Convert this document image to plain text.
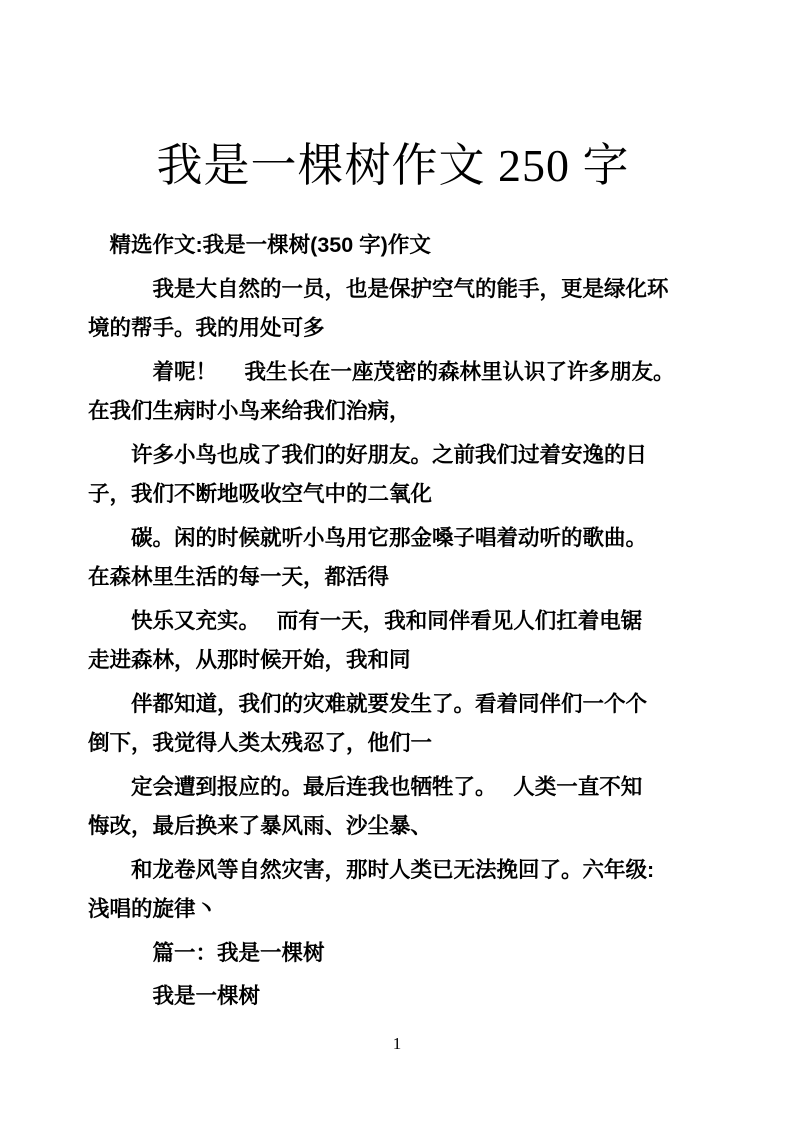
我是一棵树作文 250 字
　精选作文:我是一棵树(350 字)作文
　　　我是大自然的一员，也是保护空气的能手，更是绿化环
境的帮手。我的用处可多
　　　着呢！　 我生长在一座茂密的森林里认识了许多朋友。
在我们生病时小鸟来给我们治病，
　　许多小鸟也成了我们的好朋友。之前我们过着安逸的日
子，我们不断地吸收空气中的二氧化
　　碳。闲的时候就听小鸟用它那金嗓子唱着动听的歌曲。
在森林里生活的每一天，都活得
　　快乐又充实。　 而有一天，我和同伴看见人们扛着电锯
走进森林，从那时候开始，我和同
　　伴都知道，我们的灾难就要发生了。看着同伴们一个个
倒下，我觉得人类太残忍了，他们一
　　定会遭到报应的。最后连我也牺牲了。　 人类一直不知
悔改，最后换来了暴风雨、沙尘暴、
　　和龙卷风等自然灾害，那时人类已无法挽回了。六年级:
浅唱的旋律丶
　　　篇一：我是一棵树
　　　我是一棵树
1
